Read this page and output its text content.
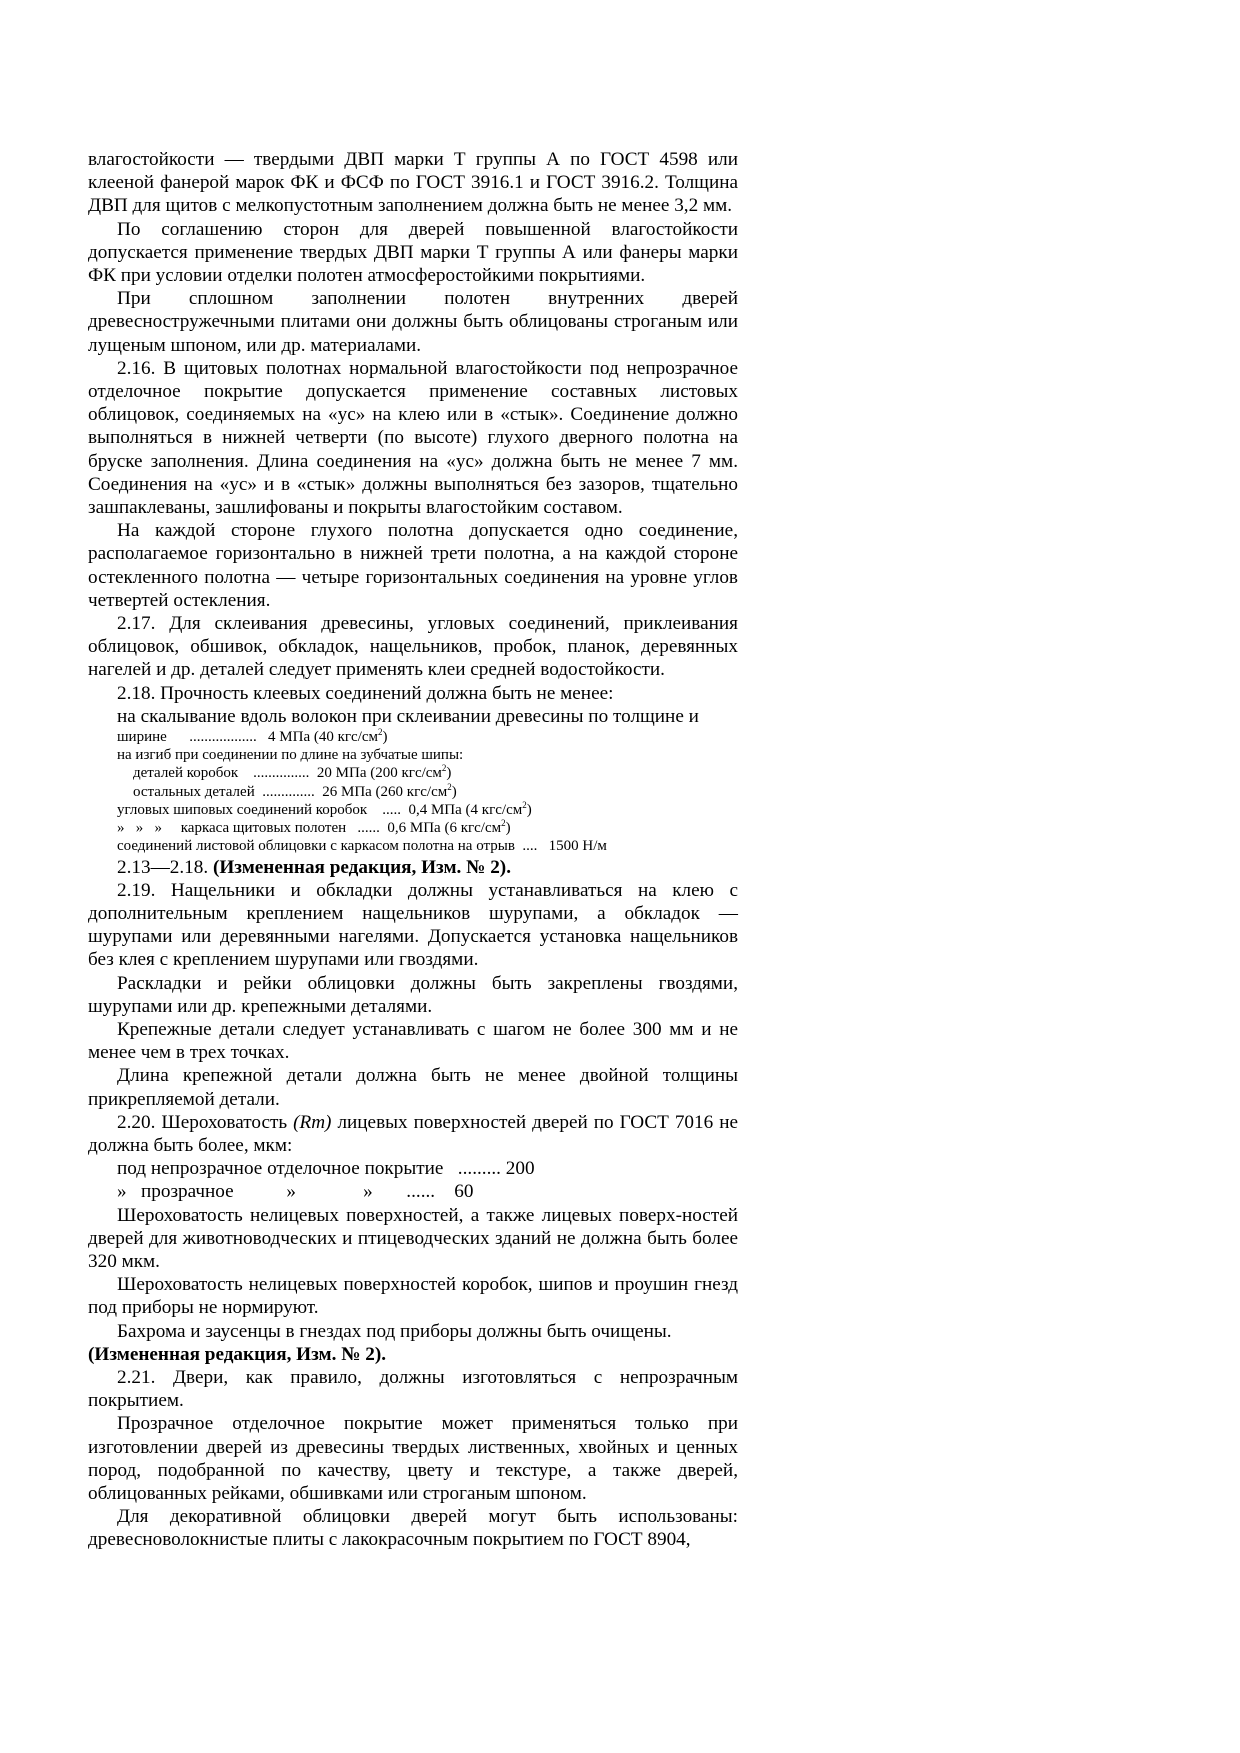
влагостойкости — твердыми ДВП марки Т группы А по ГОСТ 4598 или клееной фанерой марок ФК и ФСФ по ГОСТ 3916.1 и ГОСТ 3916.2. Толщина ДВП для щитов с мелкопустотным заполнением должна быть не менее 3,2 мм.

По соглашению сторон для дверей повышенной влагостойкости допускается применение твердых ДВП марки Т группы А или фанеры марки ФК при условии отделки полотен атмосферостойкими покрытиями.

При сплошном заполнении полотен внутренних дверей древесностружечными плитами они должны быть облицованы строганым или лущеным шпоном, или др. материалами.

2.16. В щитовых полотнах нормальной влагостойкости под непрозрачное отделочное покрытие допускается применение составных листовых облицовок, соединяемых на «ус» на клею или в «стык». Соединение должно выполняться в нижней четверти (по высоте) глухого дверного полотна на бруске заполнения. Длина соединения на «ус» должна быть не менее 7 мм. Соединения на «ус» и в «стык» должны выполняться без зазоров, тщательно зашпаклеваны, зашлифованы и покрыты влагостойким составом.

На каждой стороне глухого полотна допускается одно соединение, располагаемое горизонтально в нижней трети полотна, а на каждой стороне остекленного полотна — четыре горизонтальных соединения на уровне углов четвертей остекления.

2.17. Для склеивания древесины, угловых соединений, приклеивания облицовок, обшивок, обкладок, нащельников, пробок, планок, деревянных нагелей и др. деталей следует применять клеи средней водостойкости.

2.18. Прочность клеевых соединений должна быть не менее:

на скалывание вдоль волокон при склеивании древесины по толщине и

ширине      ..................   4 МПа (40 кгс/$см^2$)
на изгиб при соединении по длине на зубчатые шипы:
деталей коробок    ...............  20 МПа (200 кгс/$см^2$)
остальных деталей  ..............  26 МПа (260 кгс/$см^2$)
угловых шиповых соединений коробок    .....  0,4 МПа (4 кгс/$см^2$)
»   »   »     каркаса щитовых полотен   ......  0,6 МПа (6 кгс/$см^2$)
соединений листовой облицовки с каркасом полотна на отрыв  ....   1500 Н/м

2.13—2.18. (Измененная редакция, Изм. № 2).

2.19. Нащельники и обкладки должны устанавливаться на клею с дополнительным креплением нащельников шурупами, а обкладок — шурупами или деревянными нагелями. Допускается установка нащельников без клея с креплением шурупами или гвоздями.

Раскладки и рейки облицовки должны быть закреплены гвоздями, шурупами или др. крепежными деталями.

Крепежные детали следует устанавливать с шагом не более 300 мм и не менее чем в трех точках.

Длина крепежной детали должна быть не менее двойной толщины прикрепляемой детали.

2.20. Шероховатость (Rm) лицевых поверхностей дверей по ГОСТ 7016 не должна быть более, мкм:

под непрозрачное отделочное покрытие   ......... 200
»   прозрачное           »              »       ......    60

Шероховатость нелицевых поверхностей, а также лицевых поверх-ностей дверей для животноводческих и птицеводческих зданий не должна быть более 320 мкм.

Шероховатость нелицевых поверхностей коробок, шипов и проушин гнезд под приборы не нормируют.

Бахрома и заусенцы в гнездах под приборы должны быть очищены.

(Измененная редакция, Изм. № 2).

2.21. Двери, как правило, должны изготовляться с непрозрачным покрытием.

Прозрачное отделочное покрытие может применяться только при изготовлении дверей из древесины твердых лиственных, хвойных и ценных пород, подобранной по качеству, цвету и текстуре, а также дверей, облицованных рейками, обшивками или строганым шпоном.

Для декоративной облицовки дверей могут быть использованы: древесноволокнистые плиты с лакокрасочным покрытием по ГОСТ 8904,
